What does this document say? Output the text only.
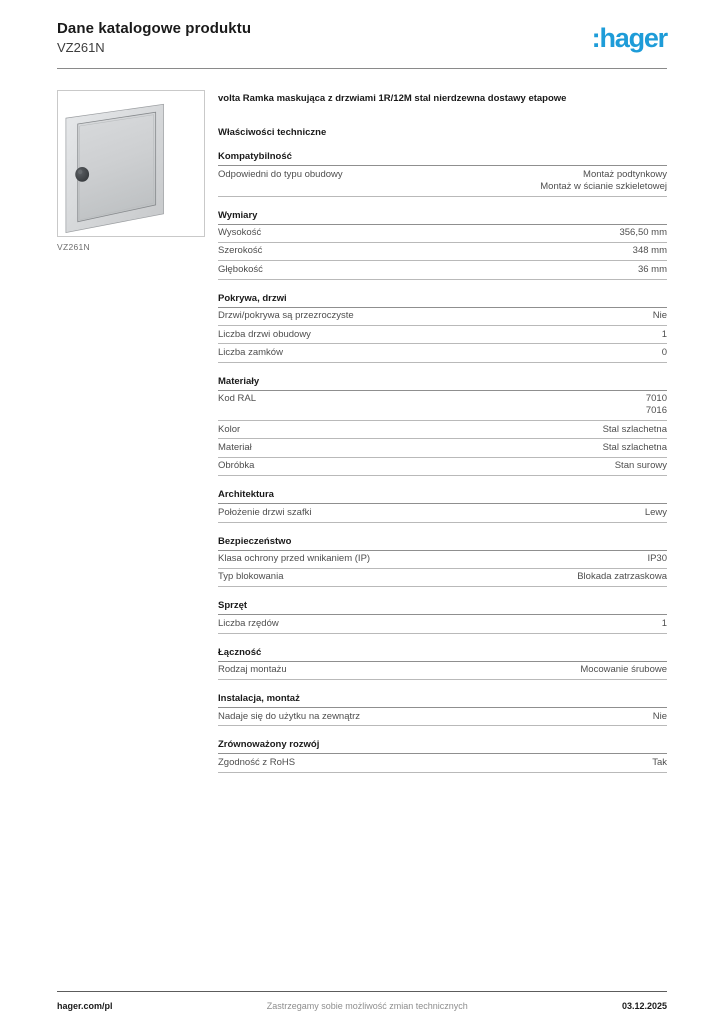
Dane katalogowe produktu
VZ261N	:hager
VZ261N

volta Ramka maskująca z drzwiami 1R/12M stal nierdzewna dostawy etapowe

Właściwości techniczne

Kompatybilność
Odpowiedni do typu obudowy	Montaż podtynkowy
Montaż w ścianie szkieletowej
Wymiary
Wysokość	356,50 mm
Szerokość	348 mm
Głębokość	36 mm
Pokrywa, drzwi
Drzwi/pokrywa są przezroczyste	Nie
Liczba drzwi obudowy	1
Liczba zamków	0
Materiały
Kod RAL	7010
7016
Kolor	Stal szlachetna
Materiał	Stal szlachetna
Obróbka	Stan surowy
Architektura
Położenie drzwi szafki	Lewy
Bezpieczeństwo
Klasa ochrony przed wnikaniem (IP)	IP30
Typ blokowania	Blokada zatrzaskowa
Sprzęt
Liczba rzędów	1
Łączność
Rodzaj montażu	Mocowanie śrubowe
Instalacja, montaż
Nadaje się do użytku na zewnątrz	Nie
Zrównoważony rozwój
Zgodność z RoHS	Tak
hager.com/pl	Zastrzegamy sobie możliwość zmian technicznych	03.12.2025
